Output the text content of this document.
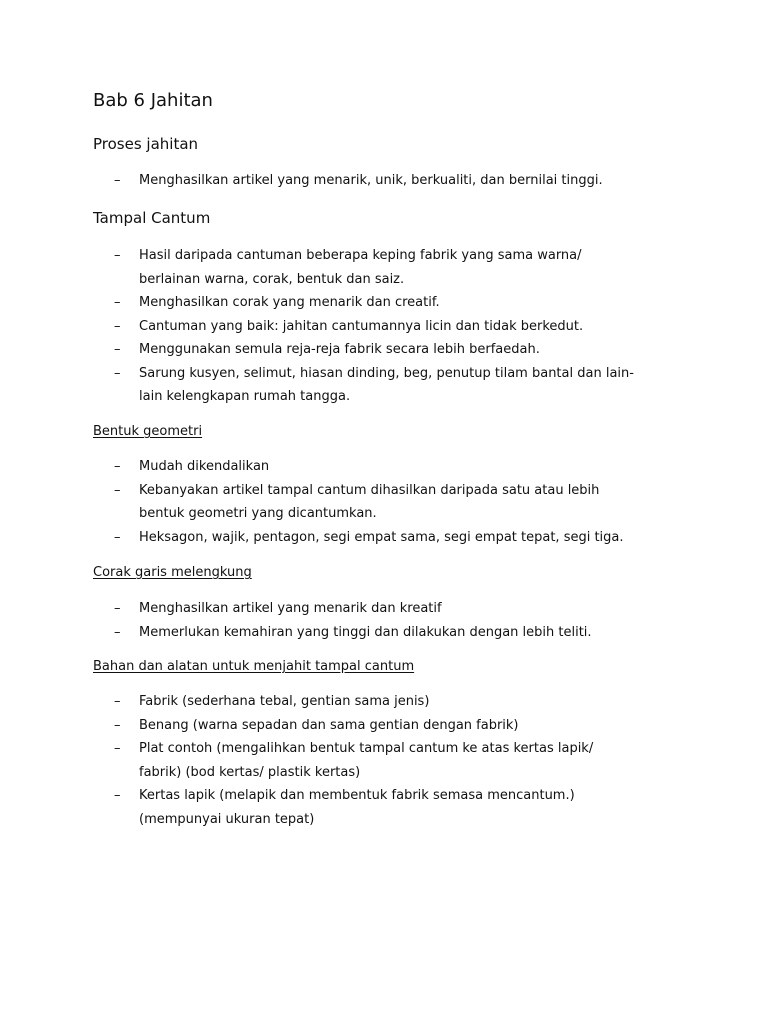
Bab 6 Jahitan
Proses jahitan
– Menghasilkan artikel yang menarik, unik, berkualiti, dan bernilai tinggi.
Tampal Cantum
– Hasil daripada cantuman beberapa keping fabrik yang sama warna/
berlainan warna, corak, bentuk dan saiz.
– Menghasilkan corak yang menarik dan creatif.
– Cantuman yang baik: jahitan cantumannya licin dan tidak berkedut.
– Menggunakan semula reja-reja fabrik secara lebih berfaedah.
– Sarung kusyen, selimut, hiasan dinding, beg, penutup tilam bantal dan lain-
lain kelengkapan rumah tangga.
Bentuk geometri
– Mudah dikendalikan
– Kebanyakan artikel tampal cantum dihasilkan daripada satu atau lebih
bentuk geometri yang dicantumkan.
– Heksagon, wajik, pentagon, segi empat sama, segi empat tepat, segi tiga.
Corak garis melengkung
– Menghasilkan artikel yang menarik dan kreatif
– Memerlukan kemahiran yang tinggi dan dilakukan dengan lebih teliti.
Bahan dan alatan untuk menjahit tampal cantum
– Fabrik (sederhana tebal, gentian sama jenis)
– Benang (warna sepadan dan sama gentian dengan fabrik)
– Plat contoh (mengalihkan bentuk tampal cantum ke atas kertas lapik/
fabrik) (bod kertas/ plastik kertas)
– Kertas lapik (melapik dan membentuk fabrik semasa mencantum.)
(mempunyai ukuran tepat)
